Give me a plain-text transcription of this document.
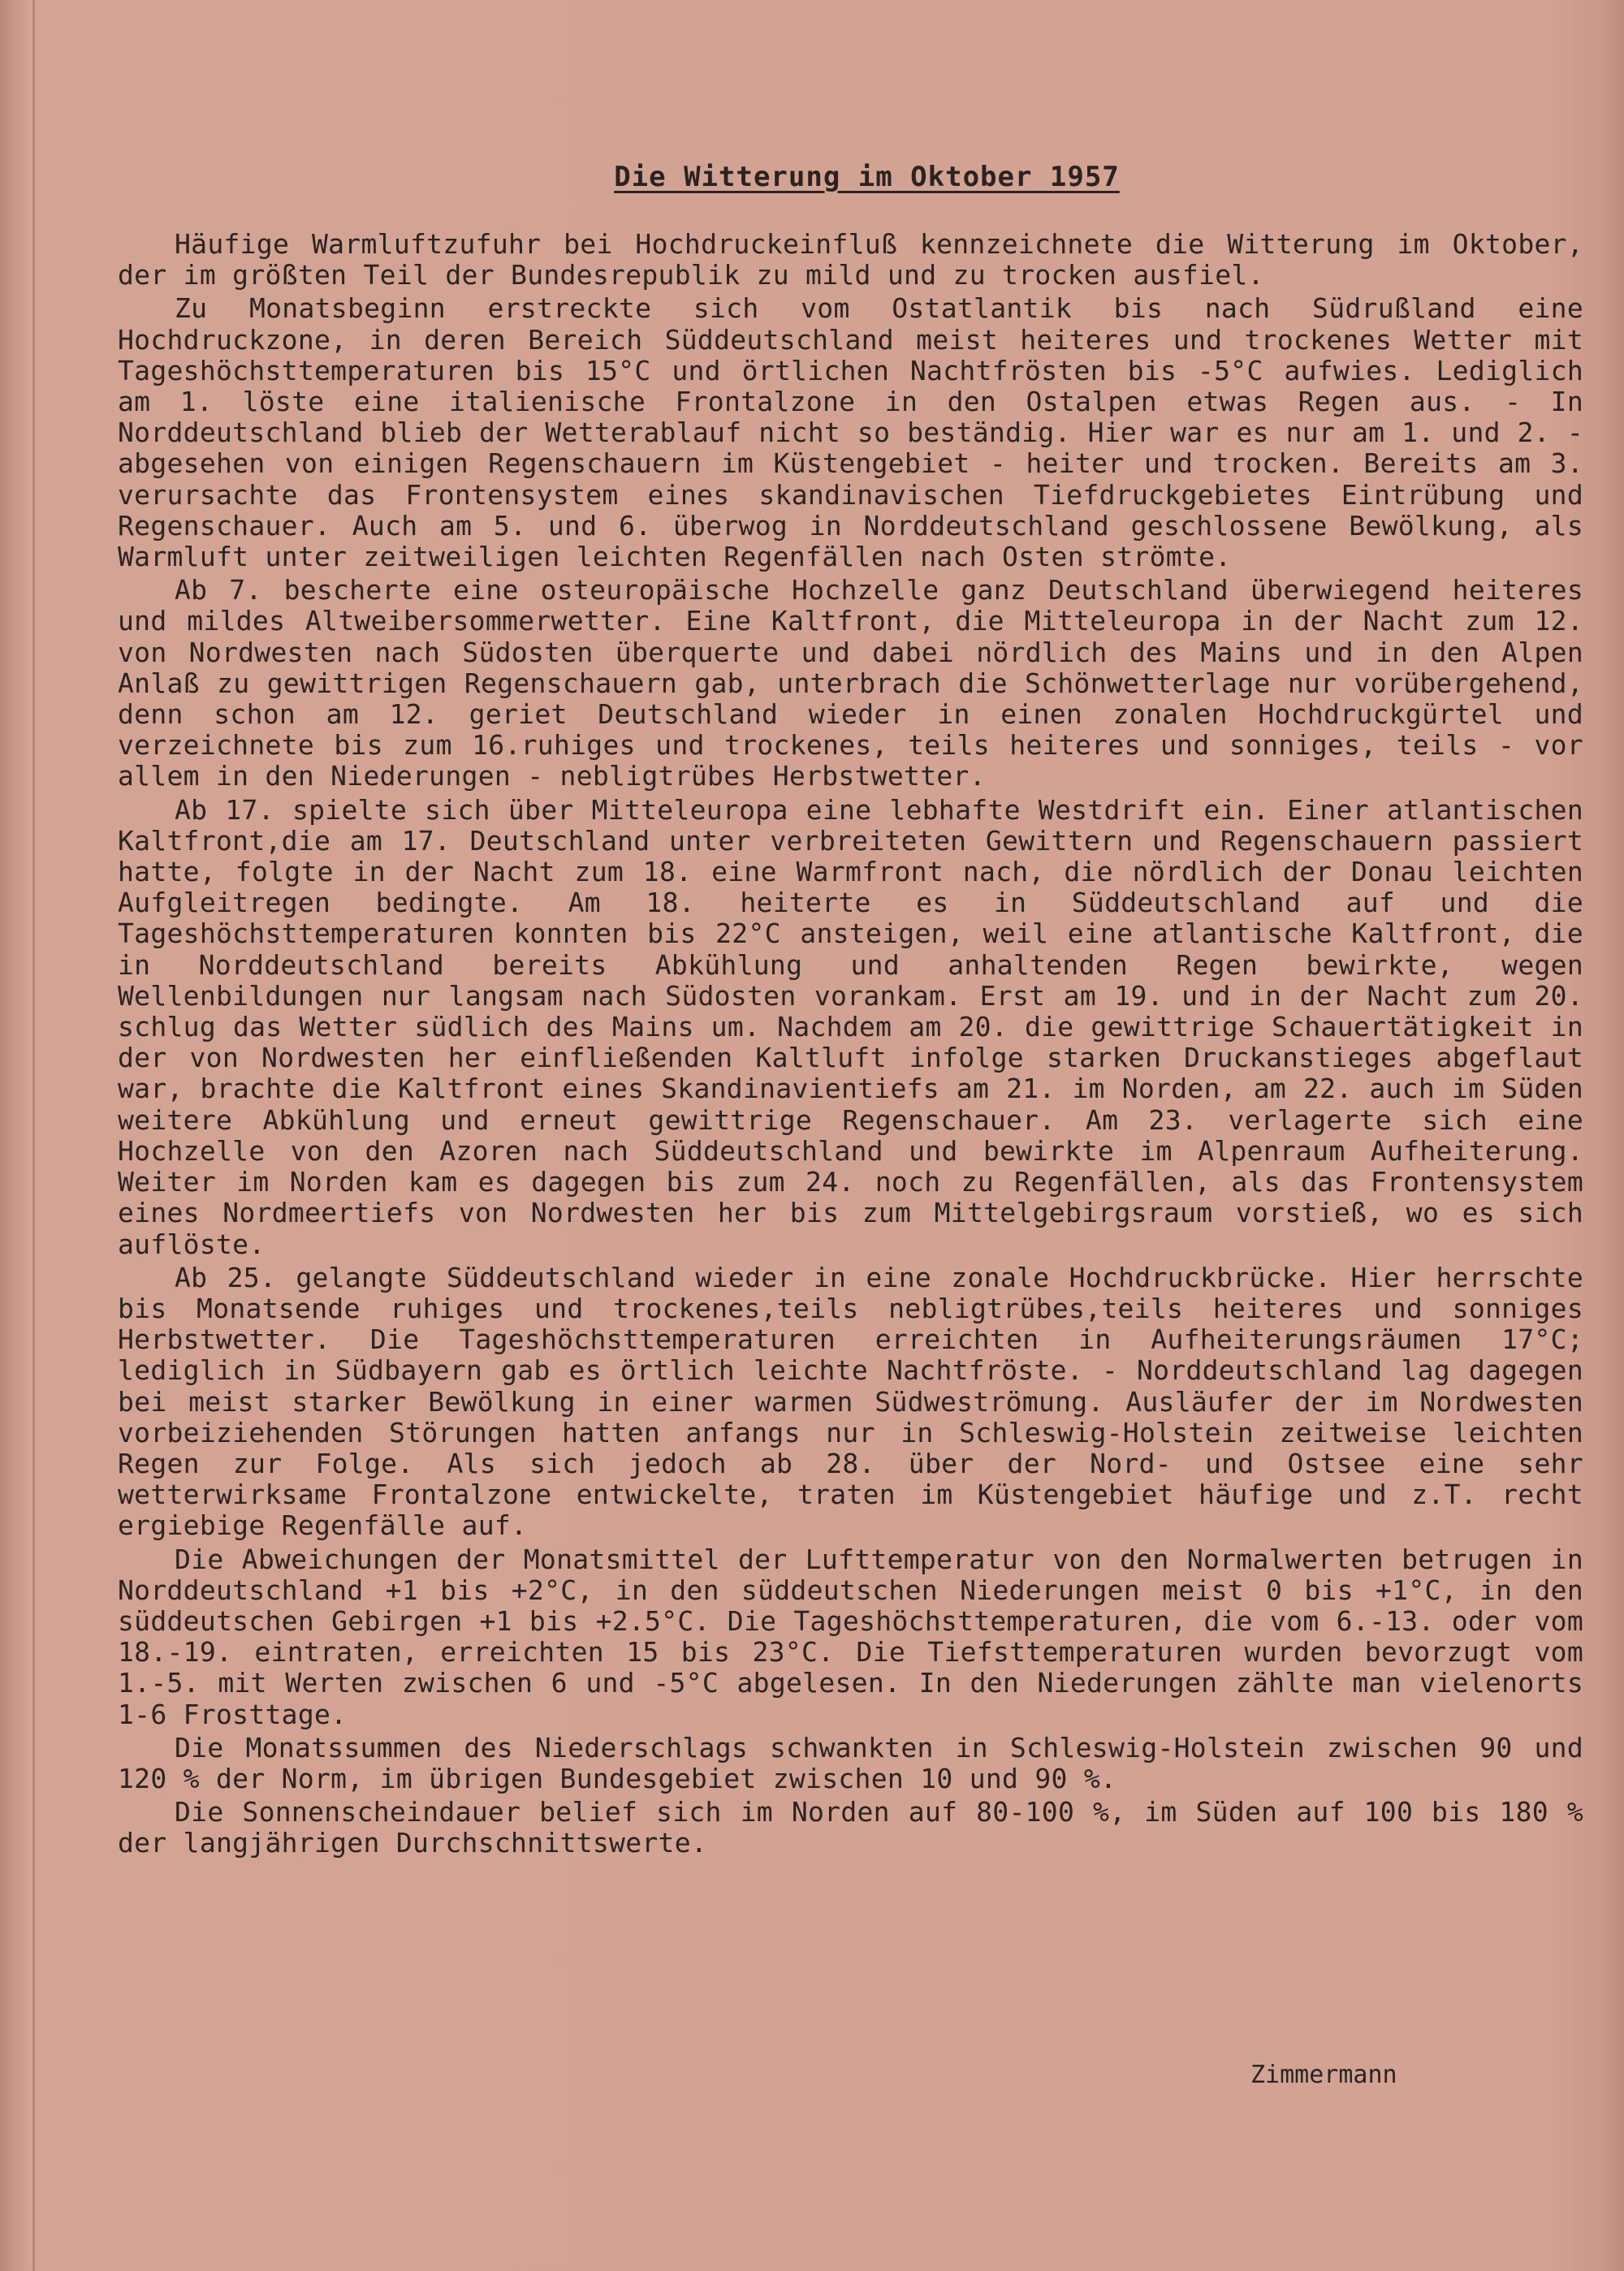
Die Witterung im Oktober 1957

Häufige Warmluftzufuhr bei Hochdruckeinfluß kennzeichnete die Witterung im Oktober, der im größten Teil der Bundesrepublik zu mild und zu trocken ausfiel.

Zu Monatsbeginn erstreckte sich vom Ostatlantik bis nach Südrußland eine Hochdruckzone, in deren Bereich Süddeutschland meist heiteres und trockenes Wetter mit Tageshöchsttemperaturen bis 15°C und örtlichen Nachtfrösten bis -5°C aufwies. Lediglich am 1. löste eine italienische Frontalzone in den Ostalpen etwas Regen aus. - In Norddeutschland blieb der Wetterablauf nicht so beständig. Hier war es nur am 1. und 2. - abgesehen von einigen Regenschauern im Küstengebiet - heiter und trocken. Bereits am 3. verursachte das Frontensystem eines skandinavischen Tiefdruckgebietes Eintrübung und Regenschauer. Auch am 5. und 6. überwog in Norddeutschland geschlossene Bewölkung, als Warmluft unter zeitweiligen leichten Regenfällen nach Osten strömte.

Ab 7. bescherte eine osteuropäische Hochzelle ganz Deutschland überwiegend heiteres und mildes Altweibersommerwetter. Eine Kaltfront, die Mitteleuropa in der Nacht zum 12. von Nordwesten nach Südosten überquerte und dabei nördlich des Mains und in den Alpen Anlaß zu gewittrigen Regenschauern gab, unterbrach die Schönwetterlage nur vorübergehend, denn schon am 12. geriet Deutschland wieder in einen zonalen Hochdruckgürtel und verzeichnete bis zum 16.ruhiges und trockenes, teils heiteres und sonniges, teils - vor allem in den Niederungen - nebligtrübes Herbstwetter.

Ab 17. spielte sich über Mitteleuropa eine lebhafte Westdrift ein. Einer atlantischen Kaltfront,die am 17. Deutschland unter verbreiteten Gewittern und Regenschauern passiert hatte, folgte in der Nacht zum 18. eine Warmfront nach, die nördlich der Donau leichten Aufgleitregen bedingte. Am 18. heiterte es in Süddeutschland auf und die Tageshöchsttemperaturen konnten bis 22°C ansteigen, weil eine atlantische Kaltfront, die in Norddeutschland bereits Abkühlung und anhaltenden Regen bewirkte, wegen Wellenbildungen nur langsam nach Südosten vorankam. Erst am 19. und in der Nacht zum 20. schlug das Wetter südlich des Mains um. Nachdem am 20. die gewittrige Schauertätigkeit in der von Nordwesten her einfließenden Kaltluft infolge starken Druckanstieges abgeflaut war, brachte die Kaltfront eines Skandinavientiefs am 21. im Norden, am 22. auch im Süden weitere Abkühlung und erneut gewittrige Regenschauer. Am 23. verlagerte sich eine Hochzelle von den Azoren nach Süddeutschland und bewirkte im Alpenraum Aufheiterung. Weiter im Norden kam es dagegen bis zum 24. noch zu Regenfällen, als das Frontensystem eines Nordmeertiefs von Nordwesten her bis zum Mittelgebirgsraum vorstieß, wo es sich auflöste.

Ab 25. gelangte Süddeutschland wieder in eine zonale Hochdruckbrücke. Hier herrschte bis Monatsende ruhiges und trockenes,teils nebligtrübes,teils heiteres und sonniges Herbstwetter. Die Tageshöchsttemperaturen erreichten in Aufheiterungsräumen 17°C; lediglich in Südbayern gab es örtlich leichte Nachtfröste. - Norddeutschland lag dagegen bei meist starker Bewölkung in einer warmen Südweströmung. Ausläufer der im Nordwesten vorbeiziehenden Störungen hatten anfangs nur in Schleswig-Holstein zeitweise leichten Regen zur Folge. Als sich jedoch ab 28. über der Nord- und Ostsee eine sehr wetterwirksame Frontalzone entwickelte, traten im Küstengebiet häufige und z.T. recht ergiebige Regenfälle auf.

Die Abweichungen der Monatsmittel der Lufttemperatur von den Normalwerten betrugen in Norddeutschland +1 bis +2°C, in den süddeutschen Niederungen meist 0 bis +1°C, in den süddeutschen Gebirgen +1 bis +2.5°C. Die Tageshöchsttemperaturen, die vom 6.-13. oder vom 18.-19. eintraten, erreichten 15 bis 23°C. Die Tiefsttemperaturen wurden bevorzugt vom 1.-5. mit Werten zwischen 6 und -5°C abgelesen. In den Niederungen zählte man vielenorts 1-6 Frosttage.

Die Monatssummen des Niederschlags schwankten in Schleswig-Holstein zwischen 90 und 120 % der Norm, im übrigen Bundesgebiet zwischen 10 und 90 %.

Die Sonnenscheindauer belief sich im Norden auf 80-100 %, im Süden auf 100 bis 180 % der langjährigen Durchschnittswerte.

Zimmermann
